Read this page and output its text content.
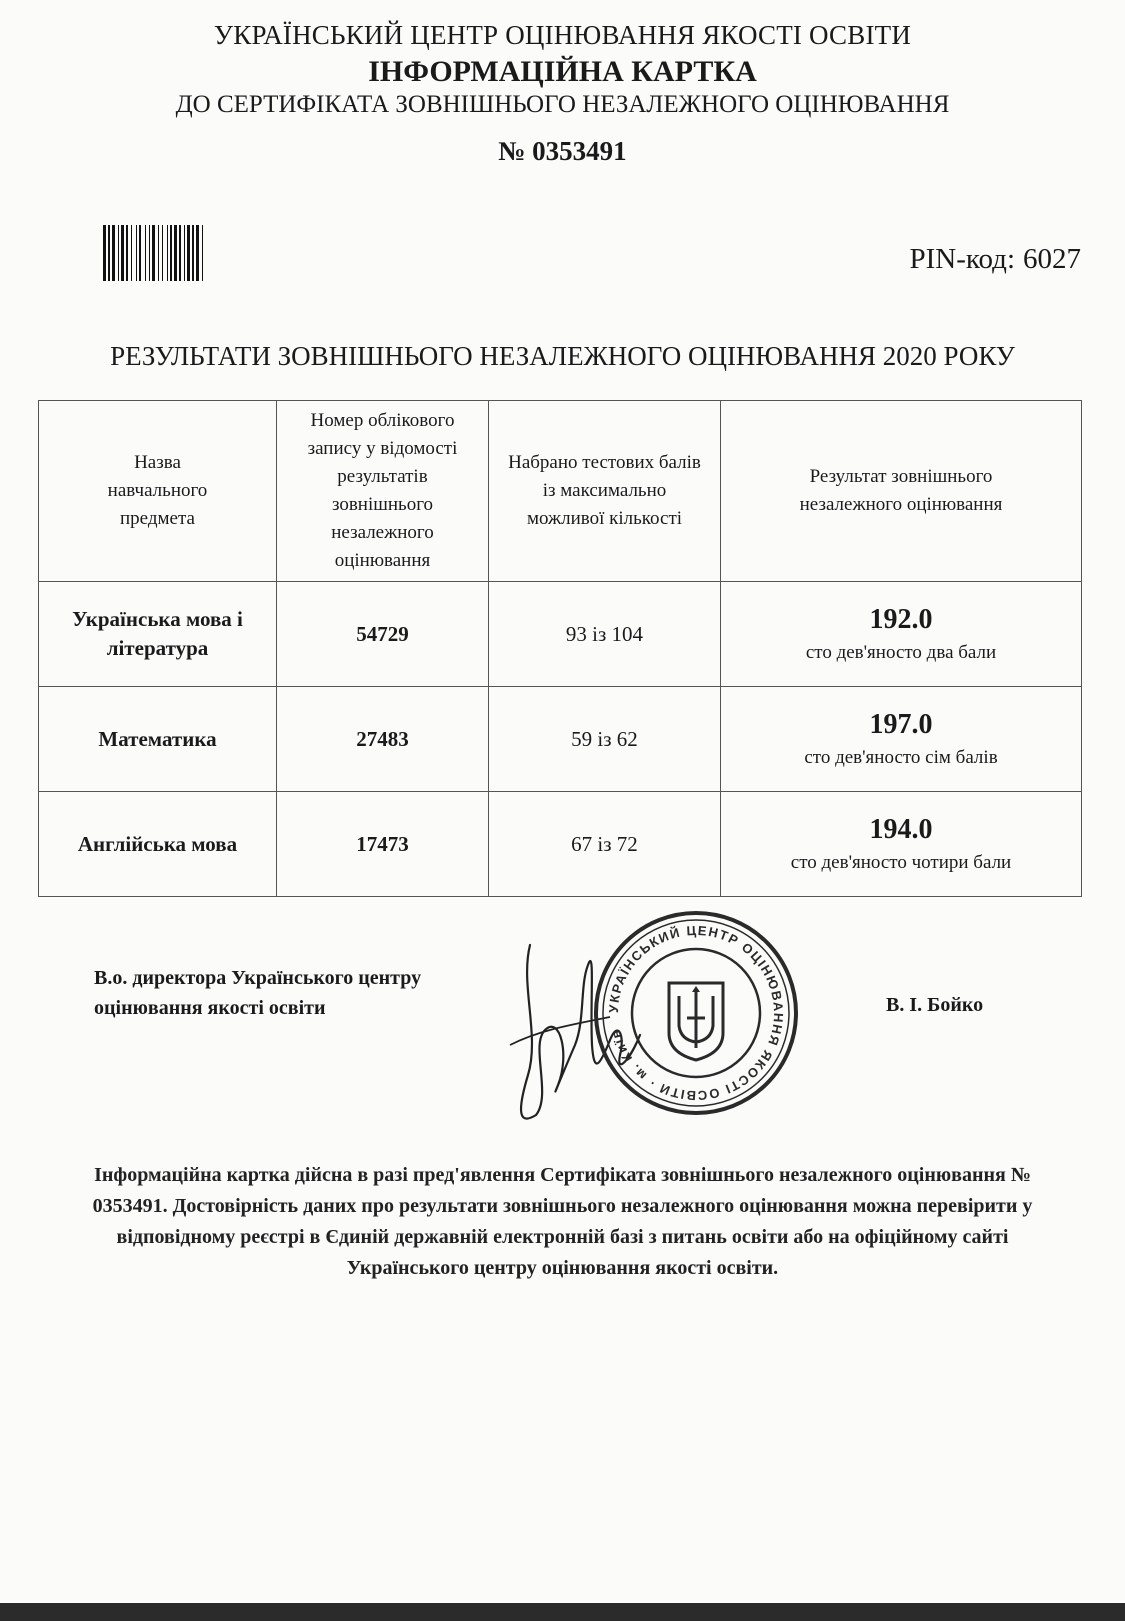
УКРАЇНСЬКИЙ ЦЕНТР ОЦІНЮВАННЯ ЯКОСТІ ОСВІТИ
ІНФОРМАЦІЙНА КАРТКА
ДО СЕРТИФІКАТА ЗОВНІШНЬОГО НЕЗАЛЕЖНОГО ОЦІНЮВАННЯ
№ 0353491
PIN-код: 6027
РЕЗУЛЬТАТИ ЗОВНІШНЬОГО НЕЗАЛЕЖНОГО ОЦІНЮВАННЯ 2020 РОКУ
Назва навчального предмета	Номер облікового запису у відомості результатів зовнішнього незалежного оцінювання	Набрано тестових балів із максимально можливої кількості	Результат зовнішнього незалежного оцінювання
Українська мова і література	54729	93 із 104	192.0
сто дев'яносто два бали

Математика	27483	59 із 62	197.0
сто дев'яносто сім балів

Англійська мова	17473	67 із 72	194.0
сто дев'яносто чотири бали
В.о. директора Українського центру оцінювання якості освіти	УКРАЇНСЬКИЙ ЦЕНТР ОЦІНЮВАННЯ ЯКОСТІ ОСВІТИ · м. Київ
В. І. Бойко
Інформаційна картка дійсна в разі пред'явлення Сертифіката зовнішнього незалежного оцінювання № 0353491. Достовірність даних про результати зовнішнього незалежного оцінювання можна перевірити у відповідному реєстрі в Єдиній державній електронній базі з питань освіти або на офіційному сайті Українського центру оцінювання якості освіти.
